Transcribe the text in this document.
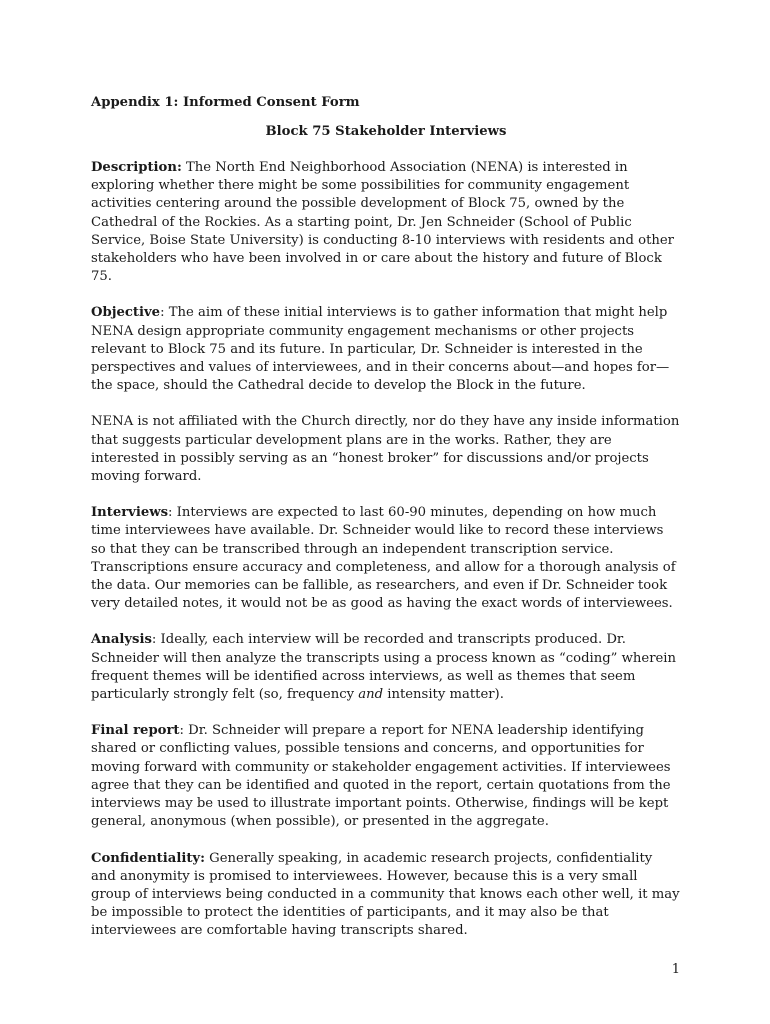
Appendix 1: Informed Consent Form

Block 75 Stakeholder Interviews

Description: The North End Neighborhood Association (NENA) is interested in exploring whether there might be some possibilities for community engagement activities centering around the possible development of Block 75, owned by the Cathedral of the Rockies. As a starting point, Dr. Jen Schneider (School of Public Service, Boise State University) is conducting 8-10 interviews with residents and other stakeholders who have been involved in or care about the history and future of Block 75.

Objective: The aim of these initial interviews is to gather information that might help NENA design appropriate community engagement mechanisms or other projects relevant to Block 75 and its future. In particular, Dr. Schneider is interested in the perspectives and values of interviewees, and in their concerns about—and hopes for—the space, should the Cathedral decide to develop the Block in the future.

NENA is not affiliated with the Church directly, nor do they have any inside information that suggests particular development plans are in the works. Rather, they are interested in possibly serving as an “honest broker” for discussions and/or projects moving forward.

Interviews: Interviews are expected to last 60-90 minutes, depending on how much time interviewees have available. Dr. Schneider would like to record these interviews so that they can be transcribed through an independent transcription service. Transcriptions ensure accuracy and completeness, and allow for a thorough analysis of the data. Our memories can be fallible, as researchers, and even if Dr. Schneider took very detailed notes, it would not be as good as having the exact words of interviewees.

Analysis: Ideally, each interview will be recorded and transcripts produced. Dr. Schneider will then analyze the transcripts using a process known as “coding” wherein frequent themes will be identified across interviews, as well as themes that seem particularly strongly felt (so, frequency and intensity matter).

Final report: Dr. Schneider will prepare a report for NENA leadership identifying shared or conflicting values, possible tensions and concerns, and opportunities for moving forward with community or stakeholder engagement activities. If interviewees agree that they can be identified and quoted in the report, certain quotations from the interviews may be used to illustrate important points. Otherwise, findings will be kept general, anonymous (when possible), or presented in the aggregate.

Confidentiality: Generally speaking, in academic research projects, confidentiality and anonymity is promised to interviewees. However, because this is a very small group of interviews being conducted in a community that knows each other well, it may be impossible to protect the identities of participants, and it may also be that interviewees are comfortable having transcripts shared.

1
